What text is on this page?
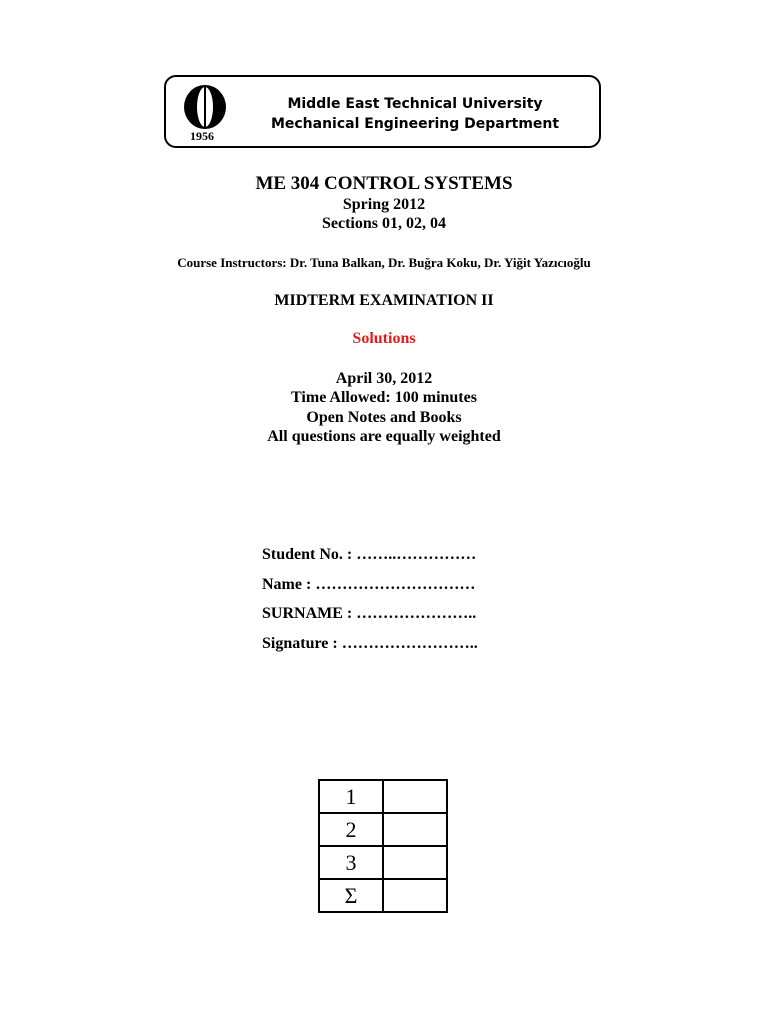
1956
Middle East Technical University
Mechanical Engineering Department
ME 304 CONTROL SYSTEMS
Spring 2012
Sections 01, 02, 04
Course Instructors: Dr. Tuna Balkan, Dr. Buğra Koku, Dr. Yiğit Yazıcıoğlu
MIDTERM EXAMINATION II
Solutions
April 30, 2012
Time Allowed: 100 minutes
Open Notes and Books
All questions are equally weighted
Student No. : ……..……………
Name : …………………………
SURNAME : …………………..
Signature : ……………………..
1	
2	
3	
Σ	
